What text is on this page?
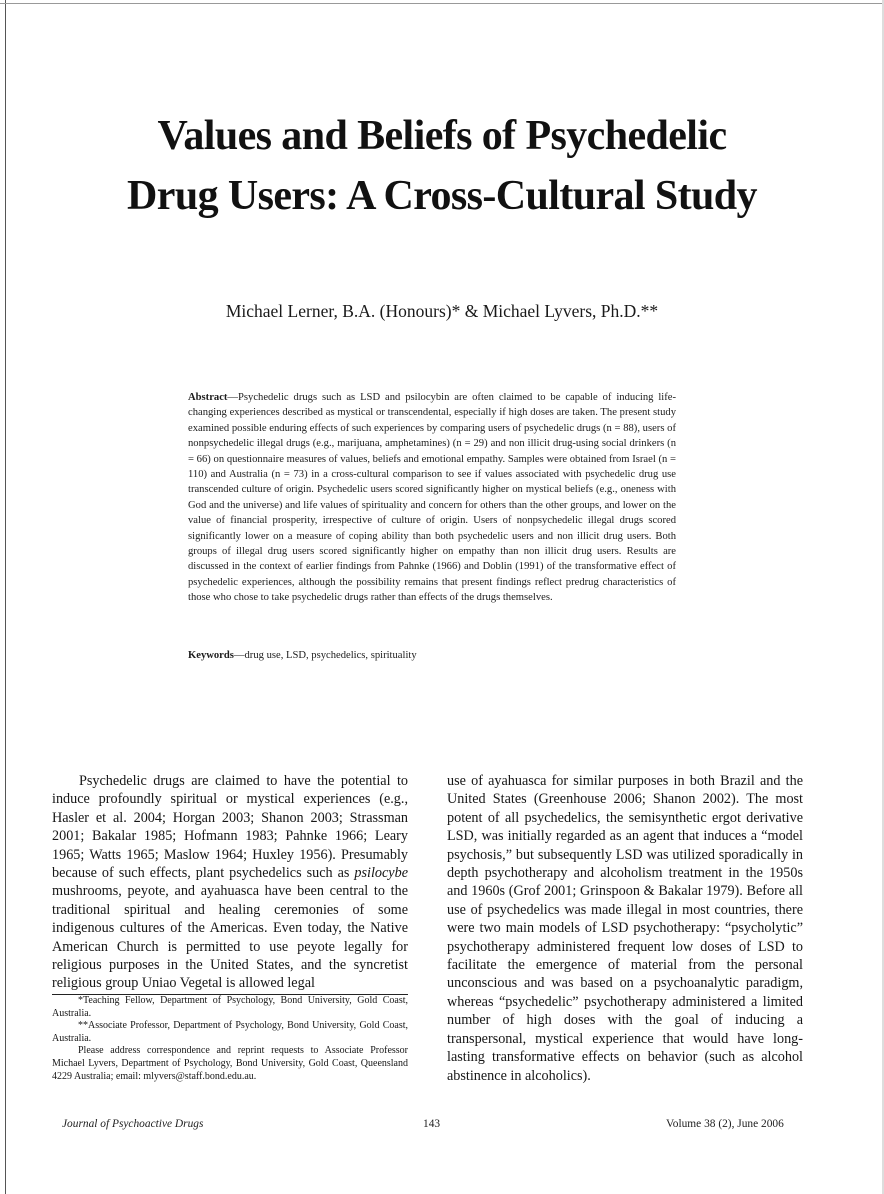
Values and Beliefs of Psychedelic
Drug Users: A Cross-Cultural Study
Michael Lerner, B.A. (Honours)* & Michael Lyvers, Ph.D.**

Abstract—Psychedelic drugs such as LSD and psilocybin are often claimed to be capable of inducing life-changing experiences described as mystical or transcendental, especially if high doses are taken. The present study examined possible enduring effects of such experiences by comparing users of psychedelic drugs (n = 88), users of nonpsychedelic illegal drugs (e.g., marijuana, amphetamines) (n = 29) and non illicit drug-using social drinkers (n = 66) on questionnaire measures of values, beliefs and emotional empathy. Samples were obtained from Israel (n = 110) and Australia (n = 73) in a cross-cultural comparison to see if values associated with psychedelic drug use transcended culture of origin. Psychedelic users scored significantly higher on mystical beliefs (e.g., oneness with God and the universe) and life values of spirituality and concern for others than the other groups, and lower on the value of financial prosperity, irrespective of culture of origin. Users of nonpsychedelic illegal drugs scored significantly lower on a measure of coping ability than both psychedelic users and non illicit drug users. Both groups of illegal drug users scored significantly higher on empathy than non illicit drug users. Results are discussed in the context of earlier findings from Pahnke (1966) and Doblin (1991) of the transformative effect of psychedelic experiences, although the possibility remains that present findings reflect predrug characteristics of those who chose to take psychedelic drugs rather than effects of the drugs themselves.

Keywords—drug use, LSD, psychedelics, spirituality

Psychedelic drugs are claimed to have the potential to induce profoundly spiritual or mystical experiences (e.g., Hasler et al. 2004; Horgan 2003; Shanon 2003; Strassman 2001; Bakalar 1985; Hofmann 1983; Pahnke 1966; Leary 1965; Watts 1965; Maslow 1964; Huxley 1956). Presumably because of such effects, plant psychedelics such as psilocybe mushrooms, peyote, and ayahuasca have been central to the traditional spiritual and healing ceremonies of some indigenous cultures of the Americas. Even today, the Native American Church is permitted to use peyote legally for religious purposes in the United States, and the syncretist religious group Uniao Vegetal is allowed legal

*Teaching Fellow, Department of Psychology, Bond University, Gold Coast, Australia.

**Associate Professor, Department of Psychology, Bond University, Gold Coast, Australia.

Please address correspondence and reprint requests to Associate Professor Michael Lyvers, Department of Psychology, Bond University, Gold Coast, Queensland 4229 Australia; email: mlyvers@staff.bond.edu.au.

use of ayahuasca for similar purposes in both Brazil and the United States (Greenhouse 2006; Shanon 2002). The most potent of all psychedelics, the semisynthetic ergot derivative LSD, was initially regarded as an agent that induces a “model psychosis,” but subsequently LSD was utilized sporadically in depth psychotherapy and alcoholism treatment in the 1950s and 1960s (Grof 2001; Grinspoon & Bakalar 1979). Before all use of psychedelics was made illegal in most countries, there were two main models of LSD psychotherapy: “psycholytic” psychotherapy administered frequent low doses of LSD to facilitate the emergence of material from the personal unconscious and was based on a psychoanalytic paradigm, whereas “psychedelic” psychotherapy administered a limited number of high doses with the goal of inducing a transpersonal, mystical experience that would have long-lasting transformative effects on behavior (such as alcohol abstinence in alcoholics).

Journal of Psychoactive Drugs	143	Volume 38 (2), June 2006
